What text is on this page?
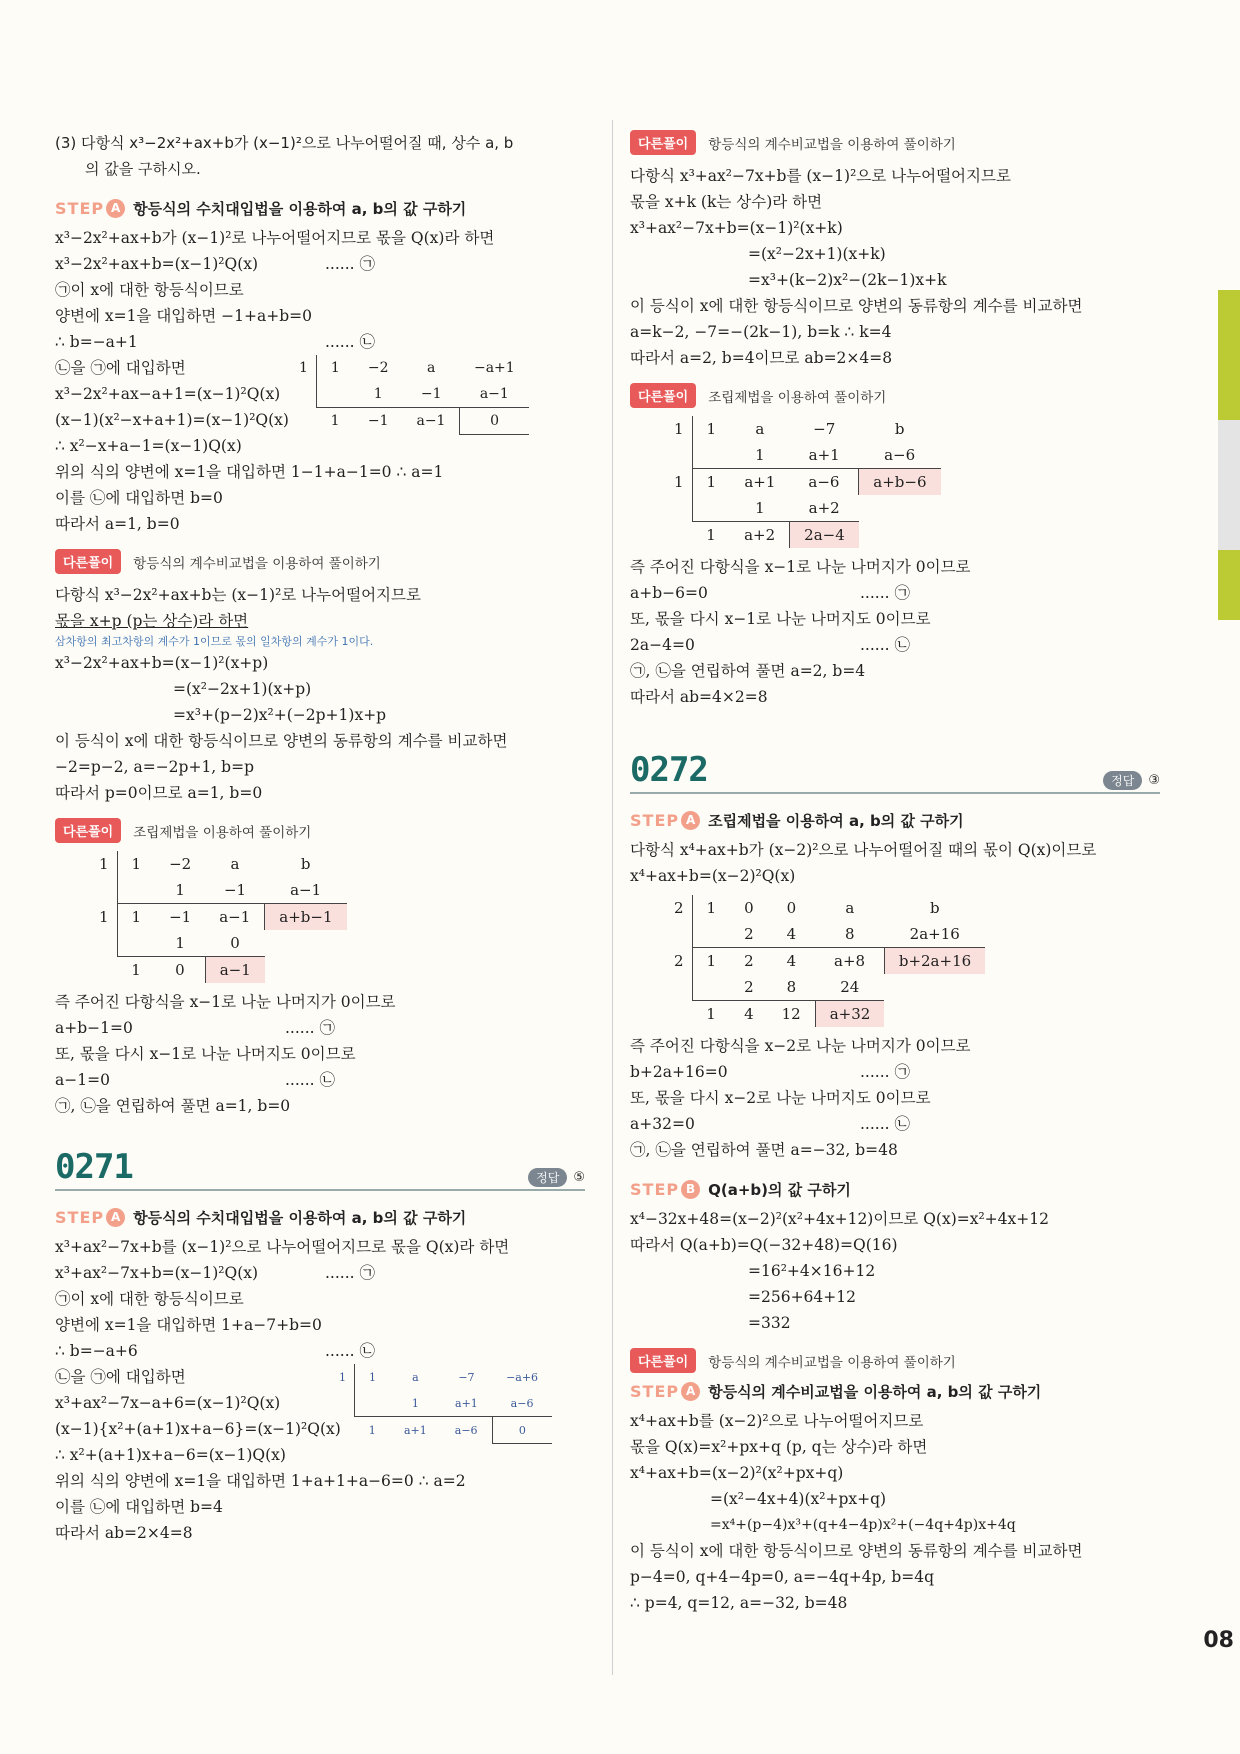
08
(3) 다항식 x³−2x²+ax+b가 (x−1)²으로 나누어떨어질 때, 상수 a, b
의 값을 구하시오.
STEP A 항등식의 수치대입법을 이용하여 a, b의 값 구하기
x³−2x²+ax+b가 (x−1)²로 나누어떨어지므로 몫을 Q(x)라 하면
x³−2x²+ax+b=(x−1)²Q(x)	...... ㉠
㉠이 x에 대한 항등식이므로
양변에 x=1을 대입하면 −1+a+b=0
∴ b=−a+1	...... ㉡
㉡을 ㉠에 대입하면
x³−2x²+ax−a+1=(x−1)²Q(x)
(x−1)(x²−x+a+1)=(x−1)²Q(x)
∴ x²−x+a−1=(x−1)Q(x)
1	1	−2	a	−a+1
		1	−1	a−1
	1	−1	a−1	0
위의 식의 양변에 x=1을 대입하면 1−1+a−1=0 ∴ a=1
이를 ㉡에 대입하면 b=0
따라서 a=1, b=0
다른풀이	항등식의 계수비교법을 이용하여 풀이하기
다항식 x³−2x²+ax+b는 (x−1)²로 나누어떨어지므로
몫을 x+p (p는 상수)라 하면
삼차항의 최고차항의 계수가 1이므로 몫의 일차항의 계수가 1이다.
x³−2x²+ax+b=(x−1)²(x+p)
=(x²−2x+1)(x+p)
=x³+(p−2)x²+(−2p+1)x+p
이 등식이 x에 대한 항등식이므로 양변의 동류항의 계수를 비교하면
−2=p−2, a=−2p+1, b=p
따라서 p=0이므로 a=1, b=0
다른풀이	조립제법을 이용하여 풀이하기
1	1	−2	a	b
		1	−1	a−1
1	1	−1	a−1	a+b−1
		1	0	
	1	0	a−1	
즉 주어진 다항식을 x−1로 나눈 나머지가 0이므로
a+b−1=0	...... ㉠
또, 몫을 다시 x−1로 나눈 나머지도 0이므로
a−1=0	...... ㉡
㉠, ㉡을 연립하여 풀면 a=1, b=0
0271	정답	⑤
STEP A 항등식의 수치대입법을 이용하여 a, b의 값 구하기
x³+ax²−7x+b를 (x−1)²으로 나누어떨어지므로 몫을 Q(x)라 하면
x³+ax²−7x+b=(x−1)²Q(x)	...... ㉠
㉠이 x에 대한 항등식이므로
양변에 x=1을 대입하면 1+a−7+b=0
∴ b=−a+6	...... ㉡
㉡을 ㉠에 대입하면
x³+ax²−7x−a+6=(x−1)²Q(x)
(x−1){x²+(a+1)x+a−6}=(x−1)²Q(x)
∴ x²+(a+1)x+a−6=(x−1)Q(x)
1	1	a	−7	−a+6
		1	a+1	a−6
	1	a+1	a−6	0
위의 식의 양변에 x=1을 대입하면 1+a+1+a−6=0 ∴ a=2
이를 ㉡에 대입하면 b=4
따라서 ab=2×4=8
다른풀이	항등식의 계수비교법을 이용하여 풀이하기
다항식 x³+ax²−7x+b를 (x−1)²으로 나누어떨어지므로
몫을 x+k (k는 상수)라 하면
x³+ax²−7x+b=(x−1)²(x+k)
=(x²−2x+1)(x+k)
=x³+(k−2)x²−(2k−1)x+k
이 등식이 x에 대한 항등식이므로 양변의 동류항의 계수를 비교하면
a=k−2, −7=−(2k−1), b=k ∴ k=4
따라서 a=2, b=4이므로 ab=2×4=8
다른풀이	조립제법을 이용하여 풀이하기
1	1	a	−7	b
		1	a+1	a−6
1	1	a+1	a−6	a+b−6
		1	a+2	
	1	a+2	2a−4	
즉 주어진 다항식을 x−1로 나눈 나머지가 0이므로
a+b−6=0	...... ㉠
또, 몫을 다시 x−1로 나눈 나머지도 0이므로
2a−4=0	...... ㉡
㉠, ㉡을 연립하여 풀면 a=2, b=4
따라서 ab=4×2=8
0272	정답	③
STEP A 조립제법을 이용하여 a, b의 값 구하기
다항식 x⁴+ax+b가 (x−2)²으로 나누어떨어질 때의 몫이 Q(x)이므로
x⁴+ax+b=(x−2)²Q(x)
2	1	0	0	a	b
		2	4	8	2a+16
2	1	2	4	a+8	b+2a+16
		2	8	24	
	1	4	12	a+32	
즉 주어진 다항식을 x−2로 나눈 나머지가 0이므로
b+2a+16=0	...... ㉠
또, 몫을 다시 x−2로 나눈 나머지도 0이므로
a+32=0	...... ㉡
㉠, ㉡을 연립하여 풀면 a=−32, b=48
STEP B Q(a+b)의 값 구하기
x⁴−32x+48=(x−2)²(x²+4x+12)이므로 Q(x)=x²+4x+12
따라서 Q(a+b)=Q(−32+48)=Q(16)
=16²+4×16+12
=256+64+12
=332
다른풀이	항등식의 계수비교법을 이용하여 풀이하기
STEP A 항등식의 계수비교법을 이용하여 a, b의 값 구하기
x⁴+ax+b를 (x−2)²으로 나누어떨어지므로
몫을 Q(x)=x²+px+q (p, q는 상수)라 하면
x⁴+ax+b=(x−2)²(x²+px+q)
=(x²−4x+4)(x²+px+q)
=x⁴+(p−4)x³+(q+4−4p)x²+(−4q+4p)x+4q
이 등식이 x에 대한 항등식이므로 양변의 동류항의 계수를 비교하면
p−4=0, q+4−4p=0, a=−4q+4p, b=4q
∴ p=4, q=12, a=−32, b=48
